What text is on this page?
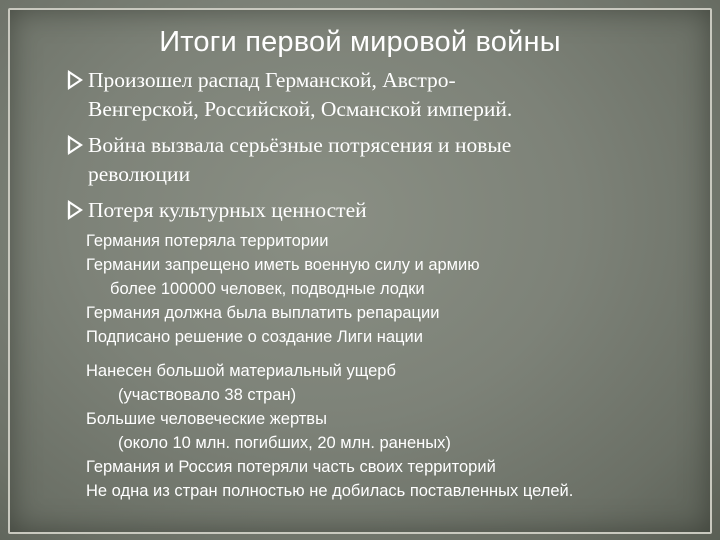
Итоги первой мировой войны
Произошел распад Германской, Австро-
Венгерской, Российской, Османской империй.
Война вызвала серьёзные потрясения и новые
революции
Потеря культурных ценностей
Германия потеряла территории
Германии запрещено иметь военную силу и армию
более 100000 человек, подводные лодки
Германия должна была выплатить репарации
Подписано решение о создание Лиги нации
Нанесен большой материальный ущерб
(участвовало 38 стран)
Большие человеческие жертвы
(около 10 млн. погибших, 20 млн. раненых)
Германия и Россия потеряли часть своих территорий
Не одна из стран полностью не добилась поставленных целей.
